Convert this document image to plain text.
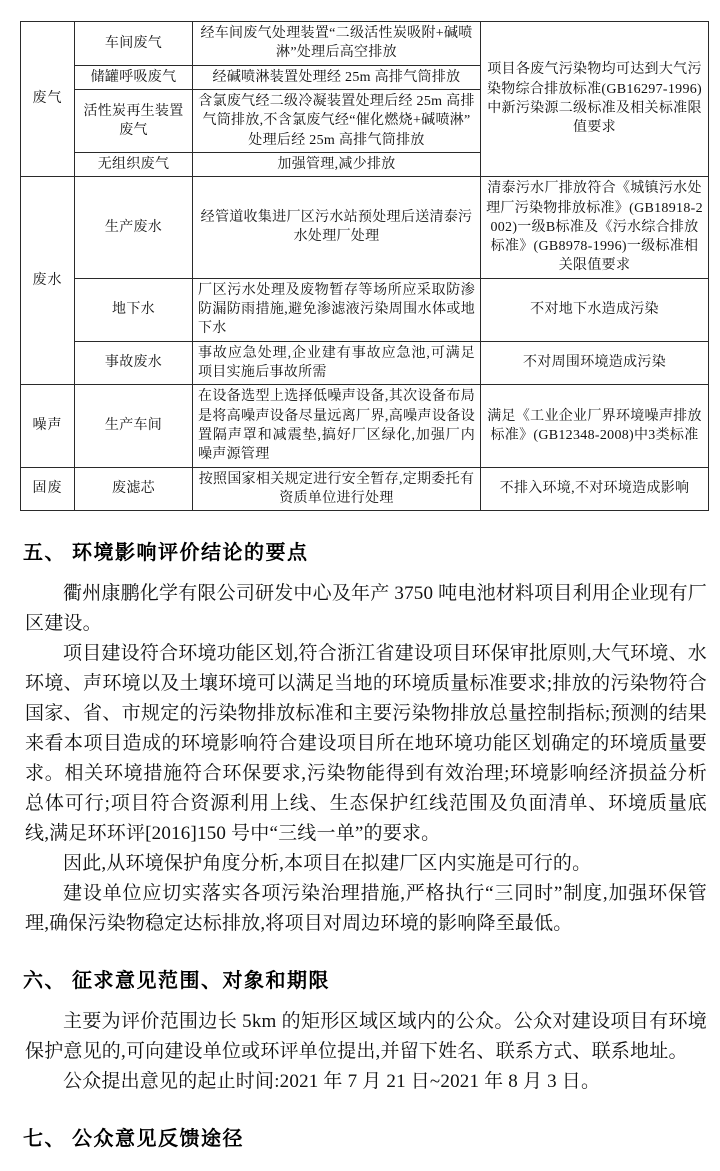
废气	车间废气	经车间废气处理装置“二级活性炭吸附+碱喷淋”处理后高空排放	项目各废气污染物均可达到大气污染物综合排放标准(GB16297-1996)中新污染源二级标准及相关标准限值要求
	储罐呼吸废气	经碱喷淋装置处理经 25m 高排气筒排放	
	活性炭再生装置废气	含氯废气经二级冷凝装置处理后经 25m 高排气筒排放,不含氯废气经“催化燃烧+碱喷淋”处理后经 25m 高排气筒排放	
	无组织废气	加强管理,减少排放	
废水	生产废水	经管道收集进厂区污水站预处理后送清泰污水处理厂处理	清泰污水厂排放符合《城镇污水处理厂污染物排放标准》(GB18918-2002)一级B标准及《污水综合排放标准》(GB8978-1996)一级标准相关限值要求
	地下水	厂区污水处理及废物暂存等场所应采取防渗防漏防雨措施,避免渗滤液污染周围水体或地下水	不对地下水造成污染
	事故废水	事故应急处理,企业建有事故应急池,可满足项目实施后事故所需	不对周围环境造成污染
噪声	生产车间	在设备选型上选择低噪声设备,其次设备布局是将高噪声设备尽量远离厂界,高噪声设备设置隔声罩和减震垫,搞好厂区绿化,加强厂内噪声源管理	满足《工业企业厂界环境噪声排放标准》(GB12348-2008)中3类标准
固废	废滤芯	按照国家相关规定进行安全暂存,定期委托有资质单位进行处理	不排入环境,不对环境造成影响
五、 环境影响评价结论的要点

衢州康鹏化学有限公司研发中心及年产 3750 吨电池材料项目利用企业现有厂区建设。

项目建设符合环境功能区划,符合浙江省建设项目环保审批原则,大气环境、水环境、声环境以及土壤环境可以满足当地的环境质量标准要求;排放的污染物符合国家、省、市规定的污染物排放标准和主要污染物排放总量控制指标;预测的结果来看本项目造成的环境影响符合建设项目所在地环境功能区划确定的环境质量要求。相关环境措施符合环保要求,污染物能得到有效治理;环境影响经济损益分析总体可行;项目符合资源利用上线、生态保护红线范围及负面清单、环境质量底线,满足环环评[2016]150 号中“三线一单”的要求。

因此,从环境保护角度分析,本项目在拟建厂区内实施是可行的。

建设单位应切实落实各项污染治理措施,严格执行“三同时”制度,加强环保管理,确保污染物稳定达标排放,将项目对周边环境的影响降至最低。

六、 征求意见范围、对象和期限

主要为评价范围边长 5km 的矩形区域区域内的公众。公众对建设项目有环境保护意见的,可向建设单位或环评单位提出,并留下姓名、联系方式、联系地址。

公众提出意见的起止时间:2021 年 7 月 21 日~2021 年 8 月 3 日。

七、 公众意见反馈途径
